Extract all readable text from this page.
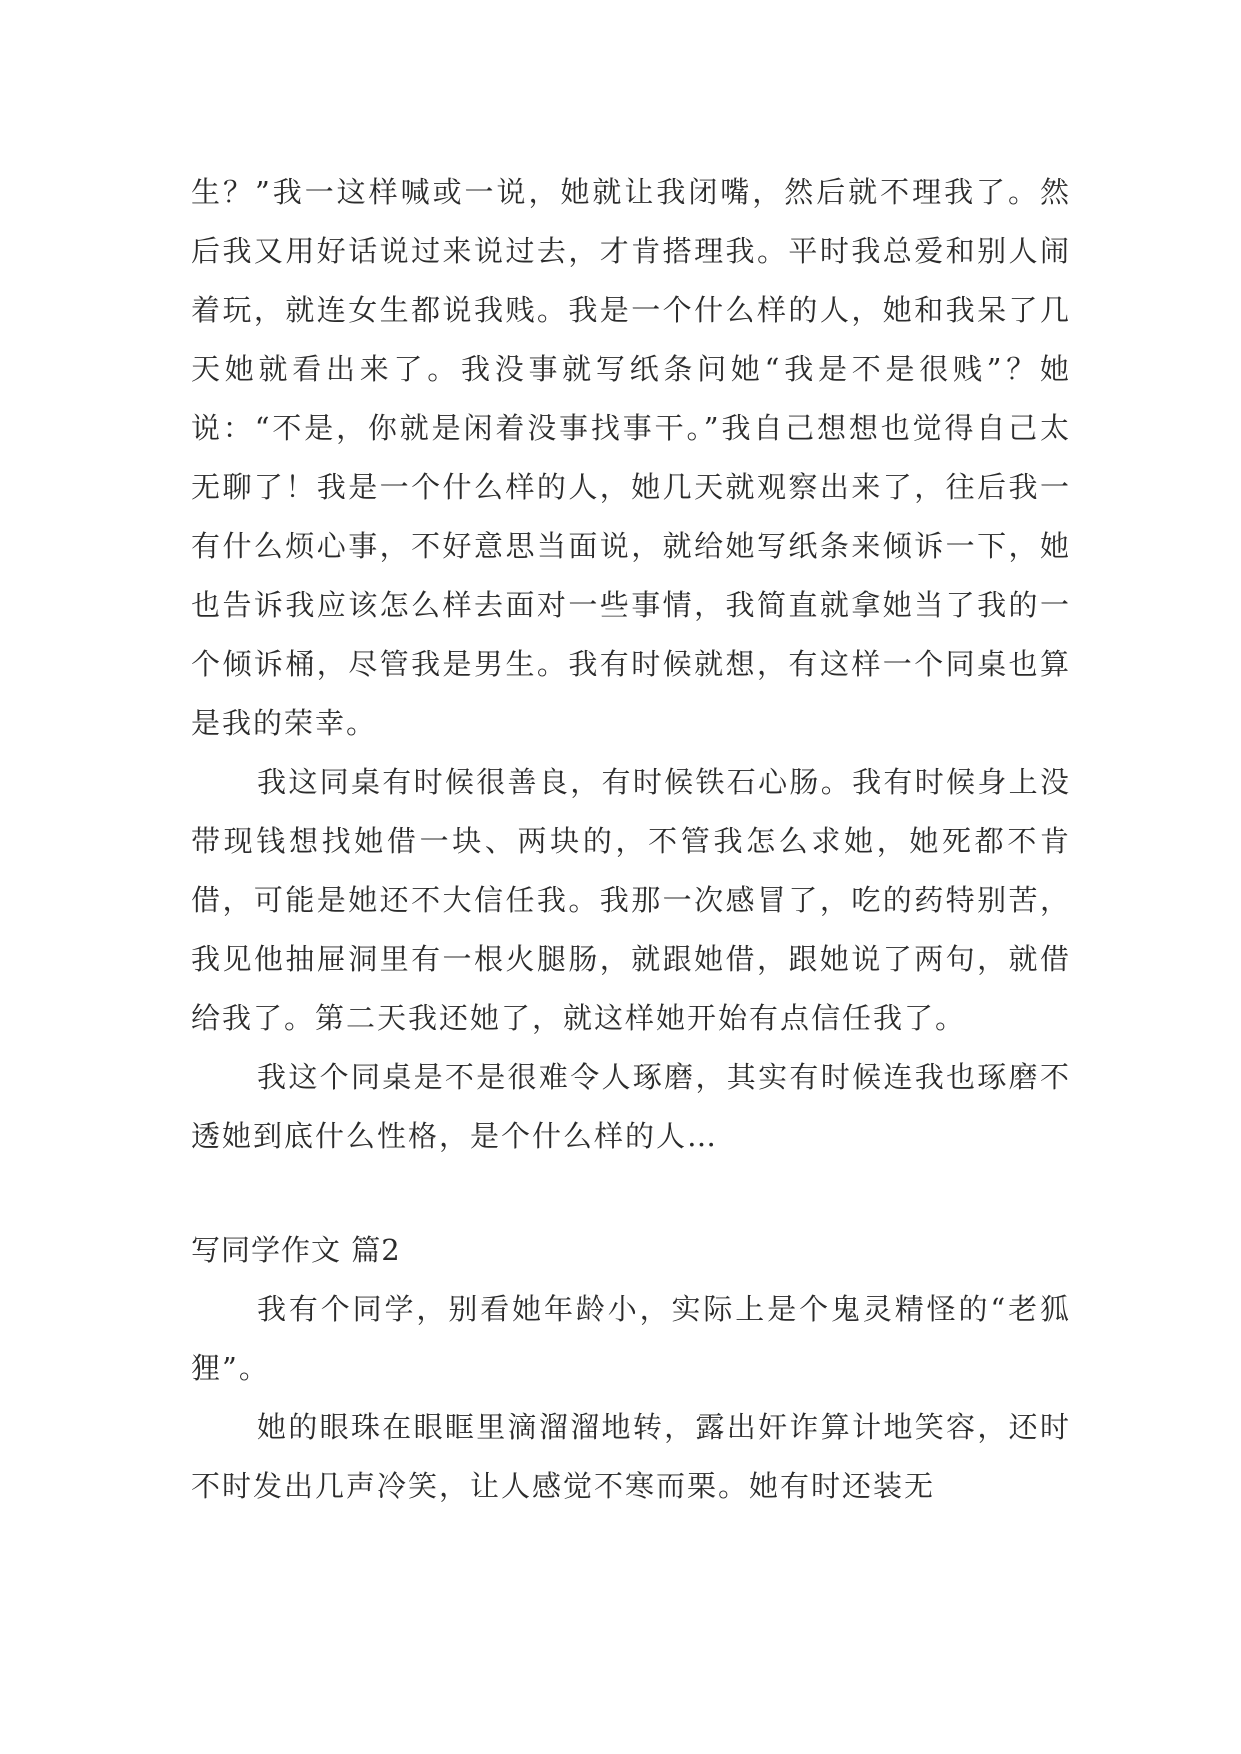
生？”我一这样喊或一说，她就让我闭嘴，然后就不理我了。然后我又用好话说过来说过去，才肯搭理我。平时我总爱和别人闹着玩，就连女生都说我贱。我是一个什么样的人，她和我呆了几天她就看出来了。我没事就写纸条问她“我是不是很贱”？她说：“不是，你就是闲着没事找事干。”我自己想想也觉得自己太无聊了！我是一个什么样的人，她几天就观察出来了，往后我一有什么烦心事，不好意思当面说，就给她写纸条来倾诉一下，她也告诉我应该怎么样去面对一些事情，我简直就拿她当了我的一个倾诉桶，尽管我是男生。我有时候就想，有这样一个同桌也算是我的荣幸。

我这同桌有时候很善良，有时候铁石心肠。我有时候身上没带现钱想找她借一块、两块的，不管我怎么求她，她死都不肯借，可能是她还不大信任我。我那一次感冒了，吃的药特别苦，我见他抽屉洞里有一根火腿肠，就跟她借，跟她说了两句，就借给我了。第二天我还她了，就这样她开始有点信任我了。

我这个同桌是不是很难令人琢磨，其实有时候连我也琢磨不透她到底什么性格，是个什么样的人…

写同学作文 篇2

我有个同学，别看她年龄小，实际上是个鬼灵精怪的“老狐狸”。

她的眼珠在眼眶里滴溜溜地转，露出奸诈算计地笑容，还时不时发出几声冷笑，让人感觉不寒而栗。她有时还装无
